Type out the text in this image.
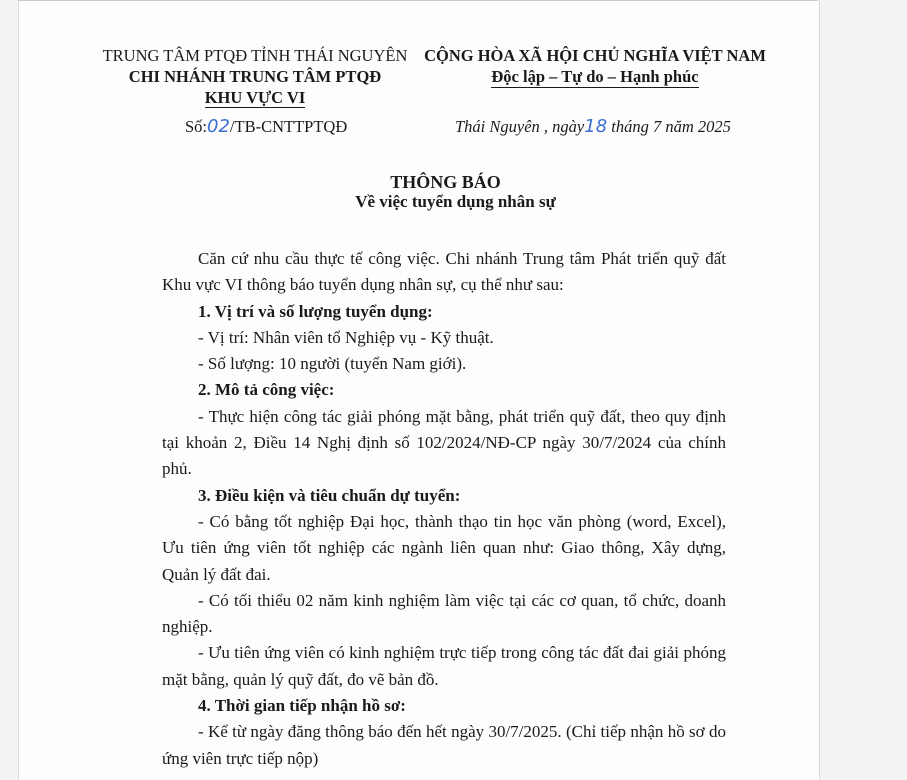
TRUNG TÂM PTQĐ TỈNH THÁI NGUYÊN
CHI NHÁNH TRUNG TÂM PTQĐ
KHU VỰC VI
CỘNG HÒA XÃ HỘI CHỦ NGHĨA VIỆT NAM
Độc lập – Tự do – Hạnh phúc
Số:02/TB-CNTTPTQĐ	Thái Nguyên , ngày18 tháng 7 năm 2025
THÔNG BÁO
Về việc tuyển dụng nhân sự

Căn cứ nhu cầu thực tế công việc. Chi nhánh Trung tâm Phát triển quỹ đất Khu vực VI thông báo tuyển dụng nhân sự, cụ thể như sau:

1. Vị trí và số lượng tuyển dụng:

- Vị trí: Nhân viên tổ Nghiệp vụ - Kỹ thuật.

- Số lượng: 10 người (tuyển Nam giới).

2. Mô tả công việc:

- Thực hiện công tác giải phóng mặt bằng, phát triển quỹ đất, theo quy định tại khoản 2, Điều 14 Nghị định số 102/2024/NĐ-CP ngày 30/7/2024 của chính phủ.

3. Điều kiện và tiêu chuẩn dự tuyển:

- Có bằng tốt nghiệp Đại học, thành thạo tin học văn phòng (word, Excel), Ưu tiên ứng viên tốt nghiệp các ngành liên quan như: Giao thông, Xây dựng, Quản lý đất đai.

- Có tối thiểu 02 năm kinh nghiệm làm việc tại các cơ quan, tổ chức, doanh nghiệp.

- Ưu tiên ứng viên có kinh nghiệm trực tiếp trong công tác đất đai giải phóng mặt bằng, quản lý quỹ đất, đo vẽ bản đồ.

4. Thời gian tiếp nhận hồ sơ:

- Kể từ ngày đăng thông báo đến hết ngày 30/7/2025. (Chỉ tiếp nhận hồ sơ do ứng viên trực tiếp nộp)
